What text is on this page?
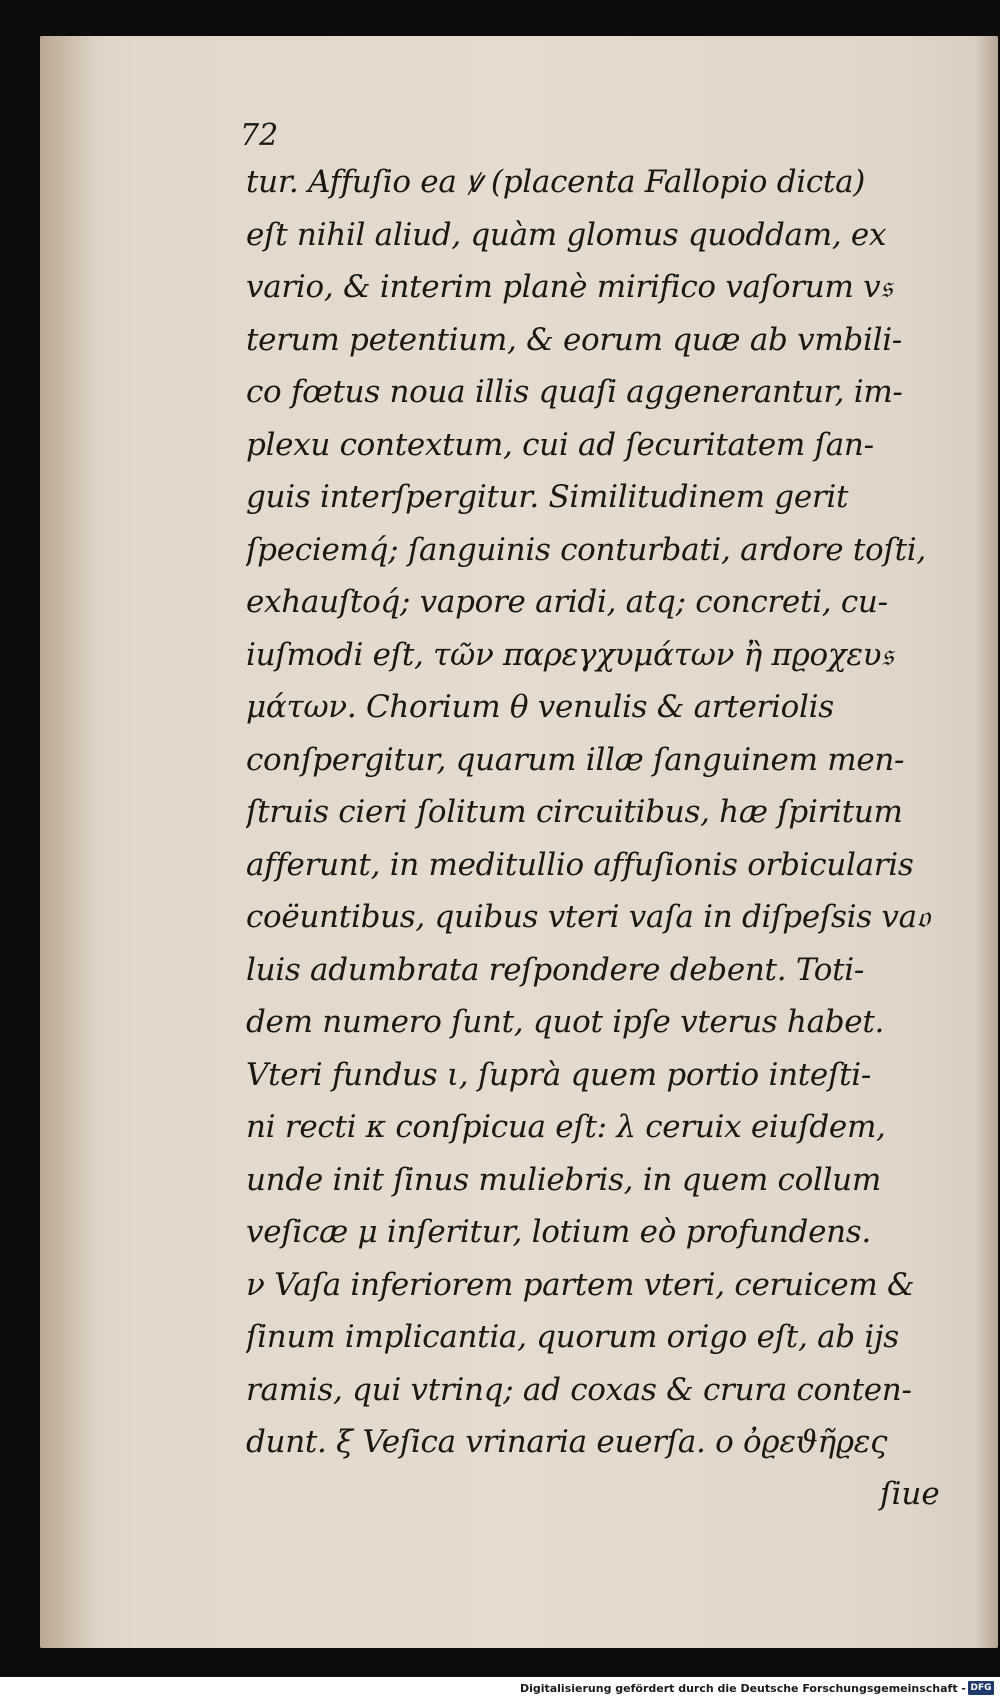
72

tur. Affuſio ea ꝟ (placenta Fallopio dicta)
eſt nihil aliud, quàm glomus quoddam, ex
vario, & interim planè mirifico vaſorum v𝔰
terum petentium, & eorum quæ ab vmbili-
co fœtus noua illis quaſi aggenerantur, im-
plexu contextum, cui ad ſecuritatem ſan-
guis interſpergitur. Similitudinem gerit
ſpeciemq́; ſanguinis conturbati, ardore toſti,
exhauſtoq́; vapore aridi, atq; concreti, cu-
iuſmodi eſt, τῶν παρεγχυμάτων ἢ πϱοχευ𝔰
μάτων. Chorium θ venulis & arteriolis
conſpergitur, quarum illæ ſanguinem men-
ſtruis cieri ſolitum circuitibus, hæ ſpiritum
afferunt, in meditullio affuſionis orbicularis
coëuntibus, quibus vteri vaſa in diſpeſsis va𝔬
luis adumbrata reſpondere debent. Toti-
dem numero ſunt, quot ipſe vterus habet.
Vteri fundus ι, ſuprà quem portio inteſti-
ni recti κ conſpicua eſt: λ ceruix eiuſdem,
unde init ſinus muliebris, in quem collum
veſicæ μ inſeritur, lotium eò profundens.
ν Vaſa inferiorem partem vteri, ceruicem &
ſinum implicantia, quorum origo eſt, ab ijs
ramis, qui vtrinq; ad coxas & crura conten-
dunt. ξ Veſica vrinaria euerſa. ο ὀϱεϑῆϱες
ſiue
Digitalisierung gefördert durch die Deutsche Forschungsgemeinschaft - DFG
